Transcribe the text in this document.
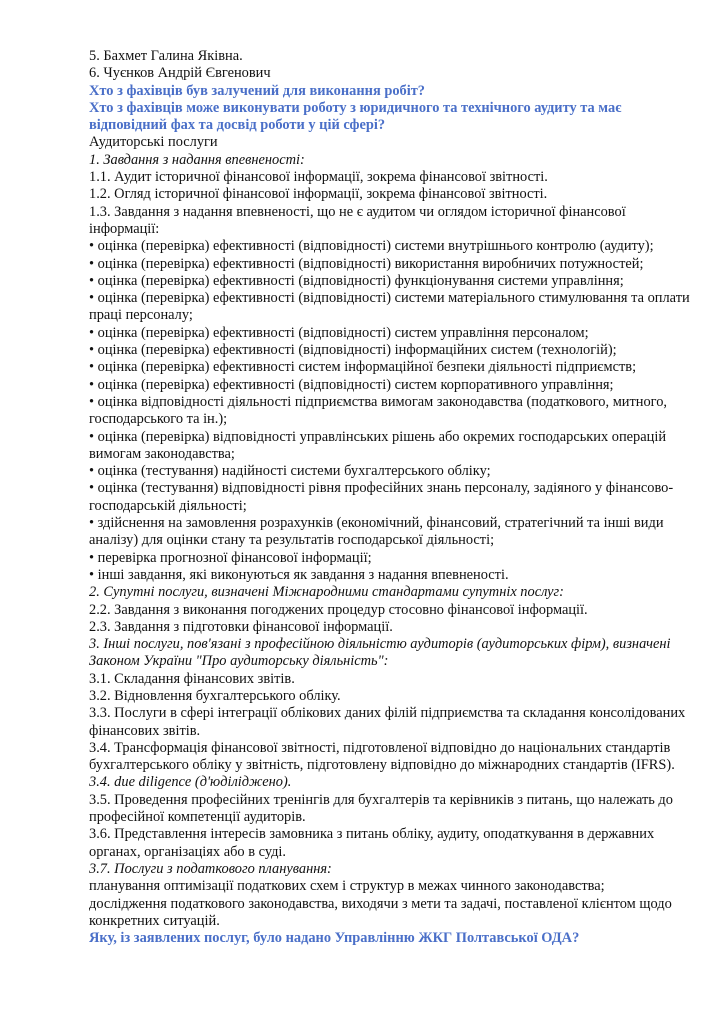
5. Бахмет Галина Яківна.

6. Чуєнков Андрій Євгенович

Хто з фахівців був залучений для виконання робіт?

Хто з фахівців може виконувати роботу з юридичного та технічного аудиту та має відповідний фах та досвід роботи у цій сфері?

Аудиторські послуги

1. Завдання з надання впевненості:

1.1. Аудит історичної фінансової інформації, зокрема фінансової звітності.

1.2. Огляд історичної фінансової інформації, зокрема фінансової звітності.

1.3. Завдання з надання впевненості, що не є аудитом чи оглядом історичної фінансової інформації:

• оцінка (перевірка) ефективності (відповідності) системи внутрішнього контролю (аудиту);

• оцінка (перевірка) ефективності (відповідності) використання виробничих потужностей;

• оцінка (перевірка) ефективності (відповідності) функціонування системи управління;

• оцінка (перевірка) ефективності (відповідності) системи матеріального стимулювання та оплати праці персоналу;

• оцінка (перевірка) ефективності (відповідності) систем управління персоналом;

• оцінка (перевірка) ефективності (відповідності) інформаційних систем (технологій);

• оцінка (перевірка) ефективності систем інформаційної безпеки діяльності підприємств;

• оцінка (перевірка) ефективності (відповідності) систем корпоративного управління;

• оцінка відповідності діяльності підприємства вимогам законодавства (податкового, митного, господарського та ін.);

• оцінка (перевірка) відповідності управлінських рішень або окремих господарських операцій вимогам законодавства;

• оцінка (тестування) надійності системи бухгалтерського обліку;

• оцінка (тестування) відповідності рівня професійних знань персоналу, задіяного у фінансово-господарській діяльності;

• здійснення на замовлення розрахунків (економічний, фінансовий, стратегічний та інші види аналізу) для оцінки стану та результатів господарської діяльності;

• перевірка прогнозної фінансової інформації;

• інші завдання, які виконуються як завдання з надання впевненості.

2. Супутні послуги, визначені Міжнародними стандартами супутніх послуг:

2.2. Завдання з виконання погоджених процедур стосовно фінансової інформації.

2.3. Завдання з підготовки фінансової інформації.

3. Інші послуги, пов'язані з професійною діяльністю аудиторів (аудиторських фірм), визначені Законом України "Про аудиторську діяльність":

3.1. Складання фінансових звітів.

3.2. Відновлення бухгалтерського обліку.

3.3. Послуги в сфері інтеграції облікових даних філій підприємства та складання консолідованих фінансових звітів.

3.4. Трансформація фінансової звітності, підготовленої відповідно до національних стандартів бухгалтерського обліку у звітність, підготовлену відповідно до міжнародних стандартів (IFRS).

3.4. due diligence (д'юділіджено).

3.5. Проведення професійних тренінгів для бухгалтерів та керівників з питань, що належать до професійної компетенції аудиторів.

3.6. Представлення інтересів замовника з питань обліку, аудиту, оподаткування в державних органах, організаціях або в суді.

3.7. Послуги з податкового планування:

планування оптимізації податкових схем і структур в межах чинного законодавства;

дослідження податкового законодавства, виходячи з мети та задачі, поставленої клієнтом щодо конкретних ситуацій.

Яку, із заявлених послуг, було надано Управлінню ЖКГ Полтавської ОДА?
